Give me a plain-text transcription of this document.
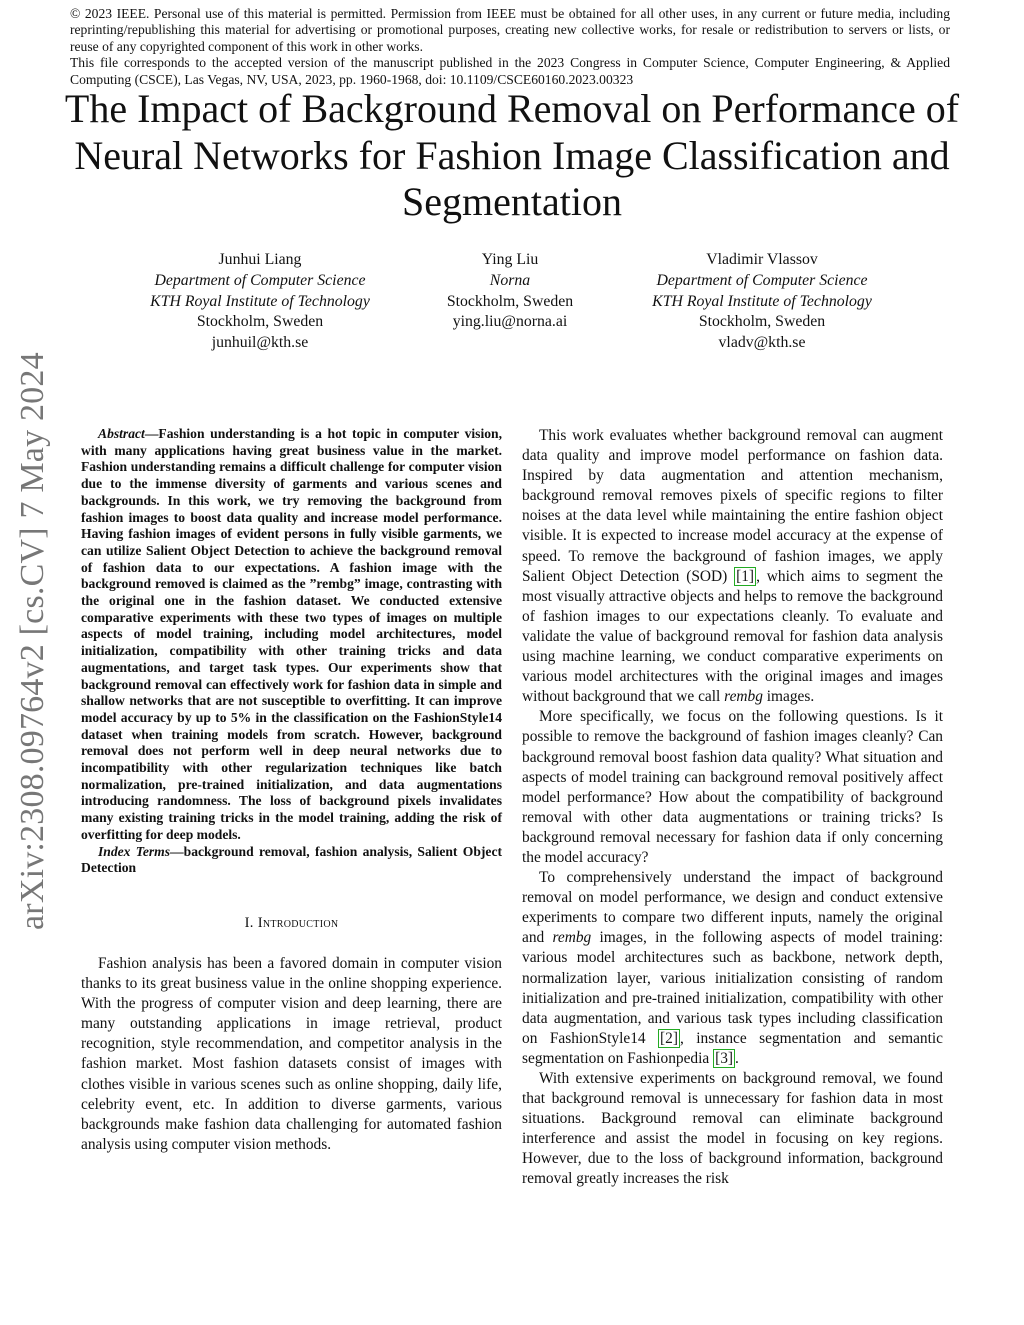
© 2023 IEEE. Personal use of this material is permitted. Permission from IEEE must be obtained for all other uses, in any current or future media, including reprinting/republishing this material for advertising or promotional purposes, creating new collective works, for resale or redistribution to servers or lists, or reuse of any copyrighted component of this work in other works.

This file corresponds to the accepted version of the manuscript published in the 2023 Congress in Computer Science, Computer Engineering, & Applied Computing (CSCE), Las Vegas, NV, USA, 2023, pp. 1960-1968, doi: 10.1109/CSCE60160.2023.00323

The Impact of Background Removal on Performance of Neural Networks for Fashion Image Classification and Segmentation
Junhui Liang
Department of Computer Science
KTH Royal Institute of Technology
Stockholm, Sweden
junhuil@kth.se
Ying Liu
Norna
Stockholm, Sweden
ying.liu@norna.ai
Vladimir Vlassov
Department of Computer Science
KTH Royal Institute of Technology
Stockholm, Sweden
vladv@kth.se
arXiv:2308.09764v2 [cs.CV] 7 May 2024	Abstract—Fashion understanding is a hot topic in computer vision, with many applications having great business value in the market. Fashion understanding remains a difficult challenge for computer vision due to the immense diversity of garments and various scenes and backgrounds. In this work, we try removing the background from fashion images to boost data quality and increase model performance. Having fashion images of evident persons in fully visible garments, we can utilize Salient Object Detection to achieve the background removal of fashion data to our expectations. A fashion image with the background removed is claimed as the ”rembg” image, contrasting with the original one in the fashion dataset. We conducted extensive comparative experiments with these two types of images on multiple aspects of model training, including model architectures, model initialization, compatibility with other training tricks and data augmentations, and target task types. Our experiments show that background removal can effectively work for fashion data in simple and shallow networks that are not susceptible to overfitting. It can improve model accuracy by up to 5% in the classification on the FashionStyle14 dataset when training models from scratch. However, background removal does not perform well in deep neural networks due to incompatibility with other regularization techniques like batch normalization, pre-trained initialization, and data augmentations introducing randomness. The loss of background pixels invalidates many existing training tricks in the model training, adding the risk of overfitting for deep models.

Index Terms—background removal, fashion analysis, Salient Object Detection

I. Introduction

Fashion analysis has been a favored domain in computer vision thanks to its great business value in the online shopping experience. With the progress of computer vision and deep learning, there are many outstanding applications in image retrieval, product recognition, style recommendation, and competitor analysis in the fashion market. Most fashion datasets consist of images with clothes visible in various scenes such as online shopping, daily life, celebrity event, etc. In addition to diverse garments, various backgrounds make fashion data challenging for automated fashion analysis using computer vision methods.

This work evaluates whether background removal can augment data quality and improve model performance on fashion data. Inspired by data augmentation and attention mechanism, background removal removes pixels of specific regions to filter noises at the data level while maintaining the entire fashion object visible. It is expected to increase model accuracy at the expense of speed. To remove the background of fashion images, we apply Salient Object Detection (SOD) [1] , which aims to segment the most visually attractive objects and helps to remove the background of fashion images to our expectations cleanly. To evaluate and validate the value of background removal for fashion data analysis using machine learning, we conduct comparative experiments on various model architectures with the original images and images without background that we call rembg images.

More specifically, we focus on the following questions. Is it possible to remove the background of fashion images cleanly? Can background removal boost fashion data quality? What situation and aspects of model training can background removal positively affect model performance? How about the compatibility of background removal with other data augmentations or training tricks? Is background removal necessary for fashion data if only concerning the model accuracy?

To comprehensively understand the impact of background removal on model performance, we design and conduct extensive experiments to compare two different inputs, namely the original and rembg images, in the following aspects of model training: various model architectures such as backbone, network depth, normalization layer, various initialization consisting of random initialization and pre-trained initialization, compatibility with other data augmentation, and various task types including classification on FashionStyle14 [2] , instance segmentation and semantic segmentation on Fashionpedia [3] .

With extensive experiments on background removal, we found that background removal is unnecessary for fashion data in most situations. Background removal can eliminate background interference and assist the model in focusing on key regions. However, due to the loss of background information, background removal greatly increases the risk
